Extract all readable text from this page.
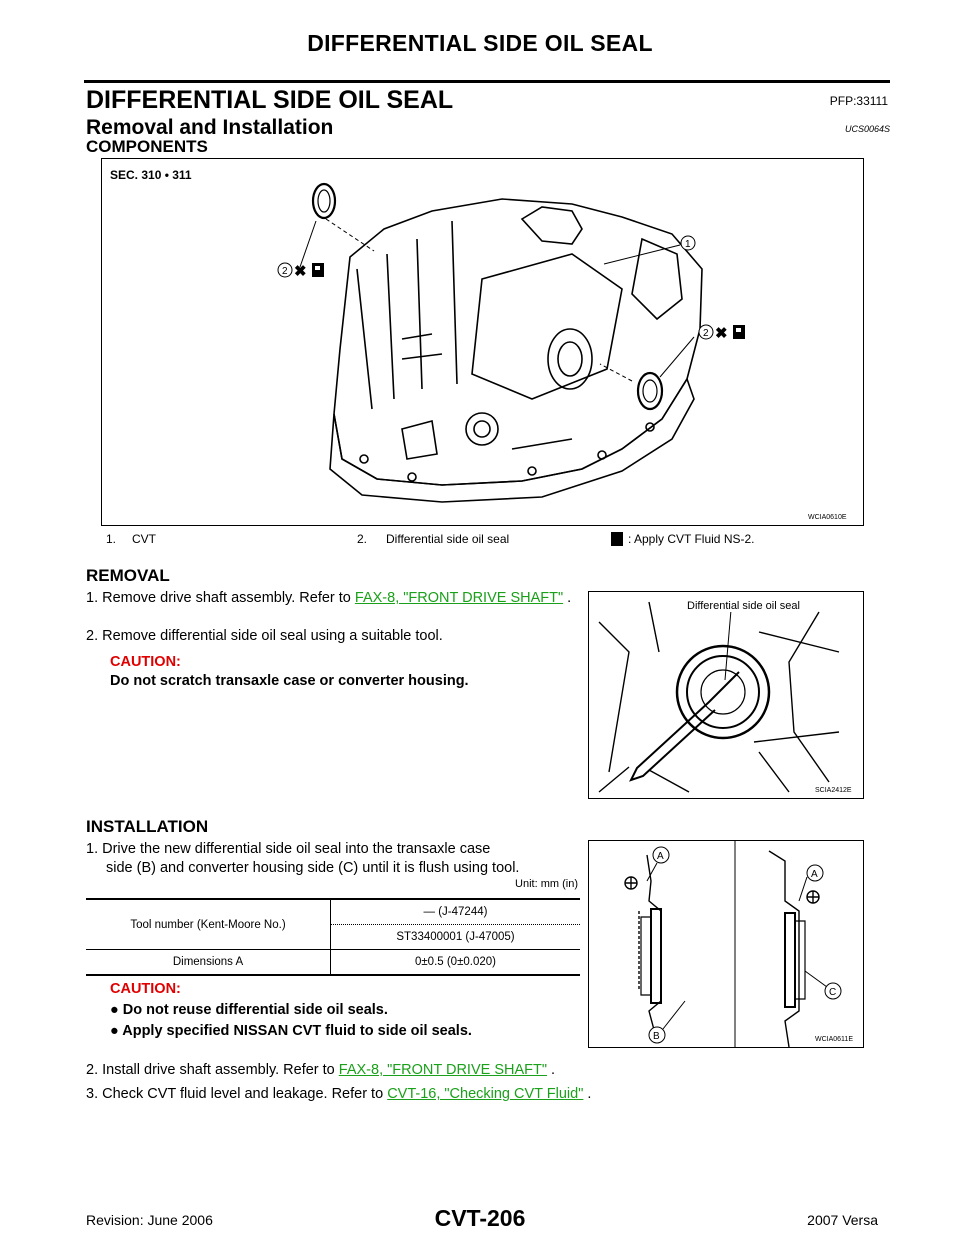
DIFFERENTIAL SIDE OIL SEAL
DIFFERENTIAL SIDE OIL SEAL	PFP:33111
Removal and Installation	UCS0064S
COMPONENTS
SEC. 310 • 311
1
2 ✖
2 ✖
WCIA0610E
1. CVT	2. Differential side oil seal	: Apply CVT Fluid NS-2.
REMOVAL
1. Remove drive shaft assembly. Refer to FAX-8, "FRONT DRIVE SHAFT" .
2. Remove differential side oil seal using a suitable tool.
CAUTION:
Do not scratch transaxle case or converter housing.
Differential side oil seal
SCIA2412E
INSTALLATION
1. Drive the new differential side oil seal into the transaxle case
side (B) and converter housing side (C) until it is flush using tool.
Unit: mm (in)
Tool number (Kent-Moore No.)	— (J-47244)
	ST33400001 (J-47005)
Dimensions A	0±0.5 (0±0.020)
CAUTION:
● Do not reuse differential side oil seals.
● Apply specified NISSAN CVT fluid to side oil seals.
2. Install drive shaft assembly. Refer to FAX-8, "FRONT DRIVE SHAFT" .
3. Check CVT fluid level and leakage. Refer to CVT-16, "Checking CVT Fluid" .
A
B
A
C
WCIA0611E
Revision: June 2006	CVT-206	2007 Versa
